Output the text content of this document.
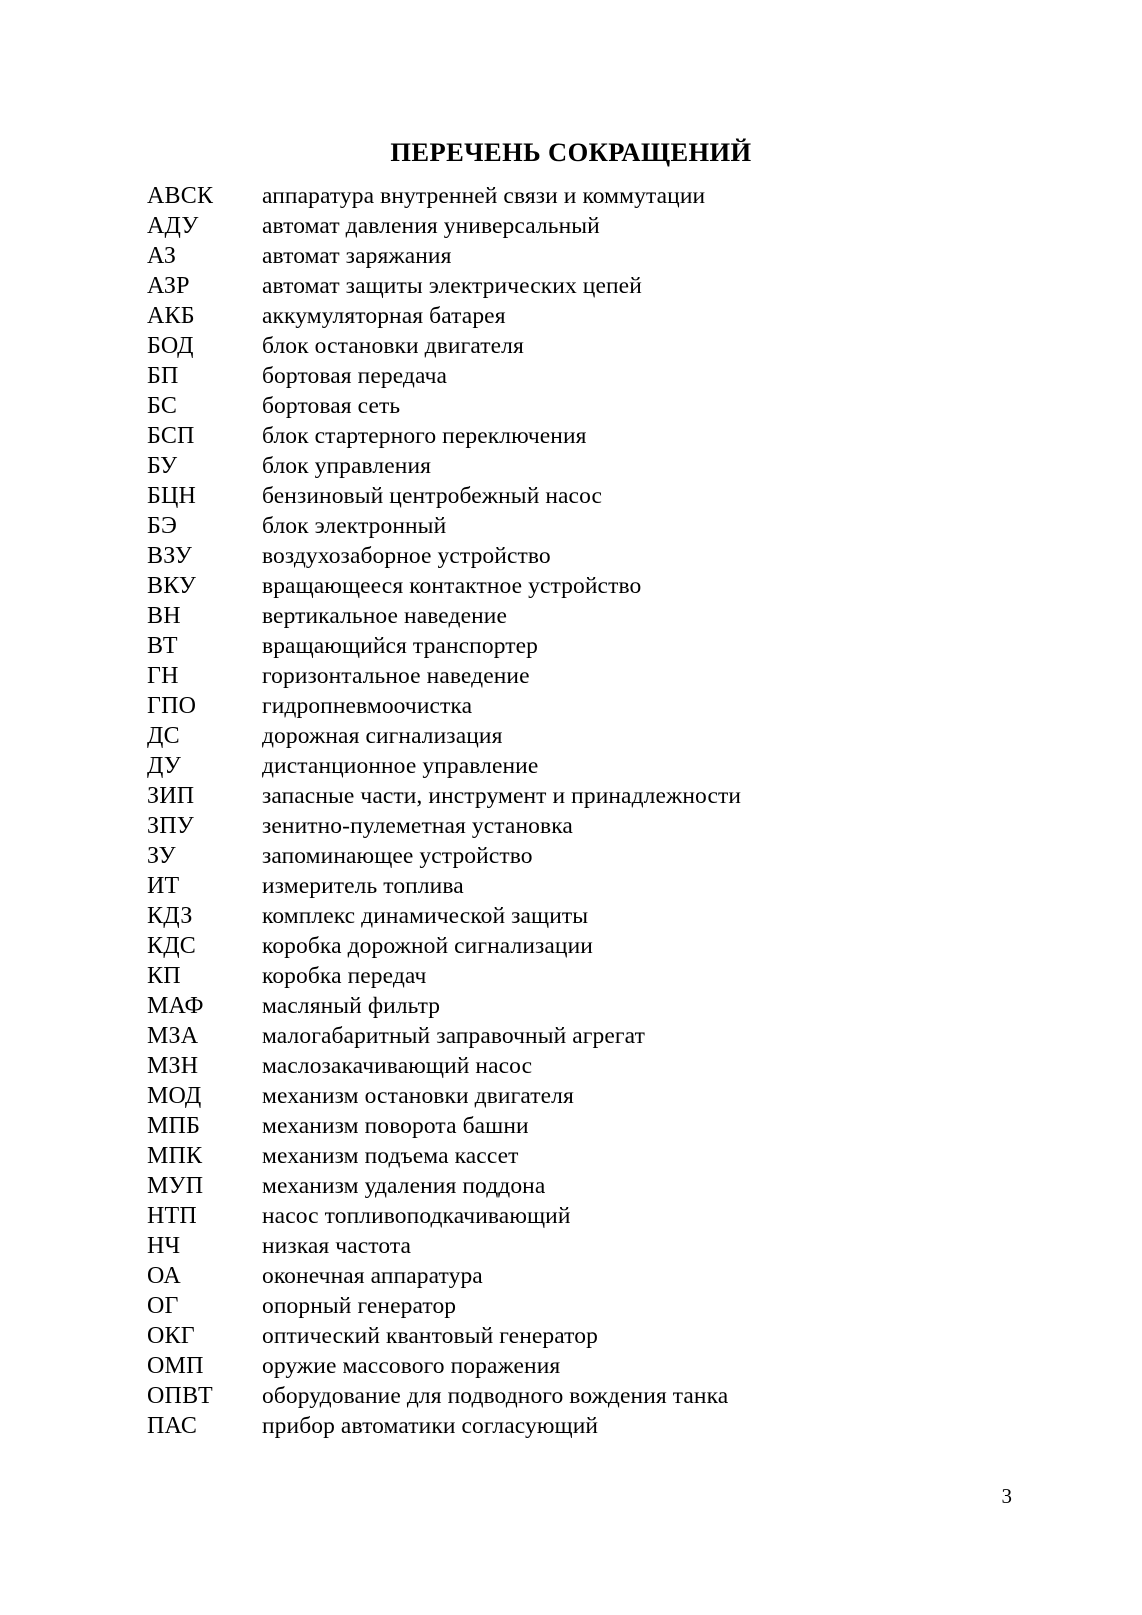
ПЕРЕЧЕНЬ СОКРАЩЕНИЙ
АВСК	аппаратура внутренней связи и коммутации
АДУ	автомат давления универсальный
АЗ	автомат заряжания
АЗР	автомат защиты электрических цепей
АКБ	аккумуляторная батарея
БОД	блок остановки двигателя
БП	бортовая передача
БС	бортовая сеть
БСП	блок стартерного переключения
БУ	блок управления
БЦН	бензиновый центробежный насос
БЭ	блок электронный
ВЗУ	воздухозаборное устройство
ВКУ	вращающееся контактное устройство
ВН	вертикальное наведение
ВТ	вращающийся транспортер
ГН	горизонтальное наведение
ГПО	гидропневмоочистка
ДС	дорожная сигнализация
ДУ	дистанционное управление
ЗИП	запасные части, инструмент и принадлежности
ЗПУ	зенитно-пулеметная установка
ЗУ	запоминающее устройство
ИТ	измеритель топлива
КДЗ	комплекс динамической защиты
КДС	коробка дорожной сигнализации
КП	коробка передач
МАФ	масляный фильтр
МЗА	малогабаритный заправочный агрегат
МЗН	маслозакачивающий насос
МОД	механизм остановки двигателя
МПБ	механизм поворота башни
МПК	механизм подъема кассет
МУП	механизм удаления поддона
НТП	насос топливоподкачивающий
НЧ	низкая частота
ОА	оконечная аппаратура
ОГ	опорный генератор
ОКГ	оптический квантовый генератор
ОМП	оружие массового поражения
ОПВТ	оборудование для подводного вождения танка
ПАС	прибор автоматики согласующий
3
